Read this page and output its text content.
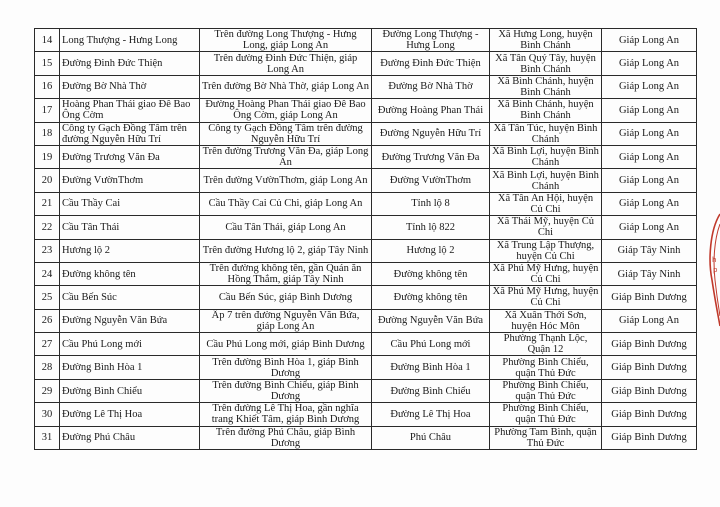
14	Long Thượng - Hưng Long	Trên đường Long Thượng - Hưng Long, giáp Long An	Đường Long Thượng - Hưng Long	Xã Hưng Long, huyện Bình Chánh	Giáp Long An
15	Đường Đinh Đức Thiện	Trên đường Đinh Đức Thiện, giáp Long An	Đường Đinh Đức Thiện	Xã Tân Quý Tây, huyện Bình Chánh	Giáp Long An
16	Đường Bờ Nhà Thờ	Trên đường Bờ Nhà Thờ, giáp Long An	Đường Bờ Nhà Thờ	Xã Bình Chánh, huyện Bình Chánh	Giáp Long An
17	Hoàng Phan Thái giao Đê Bao Ông Cờm	Đường Hoàng Phan Thái giao Đê Bao Ông Cờm, giáp Long An	Đường Hoàng Phan Thái	Xã Bình Chánh, huyện Bình Chánh	Giáp Long An
18	Công ty Gạch Đồng Tâm trên đường Nguyễn Hữu Trí	Công ty Gạch Đồng Tâm trên đường Nguyễn Hữu Trí	Đường Nguyễn Hữu Trí	Xã Tân Túc, huyện Bình Chánh	Giáp Long An
19	Đường Trương Văn Đa	Trên đường Trương Văn Đa, giáp Long An	Đường Trương Văn Đa	Xã Bình Lợi, huyện Bình Chánh	Giáp Long An
20	Đường VườnThơm	Trên đường VườnThơm, giáp Long An	Đường VườnThơm	Xã Bình Lợi, huyện Bình Chánh	Giáp Long An
21	Cầu Thầy Cai	Cầu Thầy Cai Củ Chi, giáp Long An	Tỉnh lộ 8	Xã Tân An Hội, huyện Củ Chi	Giáp Long An
22	Cầu Tân Thái	Cầu Tân Thái, giáp Long An	Tỉnh lộ 822	Xã Thái Mỹ, huyện Củ Chi	Giáp Long An
23	Hương lộ 2	Trên đường Hương lộ 2, giáp Tây Ninh	Hương lộ 2	Xã Trung Lập Thượng, huyện Củ Chi	Giáp Tây Ninh
24	Đường không tên	Trên đường không tên, gần Quán ăn Hồng Thắm, giáp Tây Ninh	Đường không tên	Xã Phú Mỹ Hưng, huyện Củ Chi	Giáp Tây Ninh
25	Cầu Bến Súc	Cầu Bến Súc, giáp Bình Dương	Đường không tên	Xã Phú Mỹ Hưng, huyện Củ Chi	Giáp Bình Dương
26	Đường Nguyễn Văn Bứa	Ấp 7 trên đường Nguyễn Văn Bứa, giáp Long An	Đường Nguyễn Văn Bứa	Xã Xuân Thới Sơn, huyện Hóc Môn	Giáp Long An
27	Cầu Phú Long mới	Cầu Phú Long mới, giáp Bình Dương	Cầu Phú Long mới	Phường Thạnh Lộc, Quận 12	Giáp Bình Dương
28	Đường Bình Hòa 1	Trên đường Bình Hòa 1, giáp Bình Dương	Đường Bình Hòa 1	Phường Bình Chiểu, quận Thủ Đức	Giáp Bình Dương
29	Đường Bình Chiểu	Trên đường Bình Chiểu, giáp Bình Dương	Đường Bình Chiểu	Phường Bình Chiểu, quận Thủ Đức	Giáp Bình Dương
30	Đường Lê Thị Hoa	Trên đường Lê Thị Hoa, gần nghĩa trang Khiết Tâm, giáp Bình Dương	Đường Lê Thị Hoa	Phường Bình Chiểu, quận Thủ Đức	Giáp Bình Dương
31	Đường Phú Châu	Trên đường Phú Châu, giáp Bình Dương	Phú Châu	Phường Tam Bình, quận Thủ Đức	Giáp Bình Dương
h
p
